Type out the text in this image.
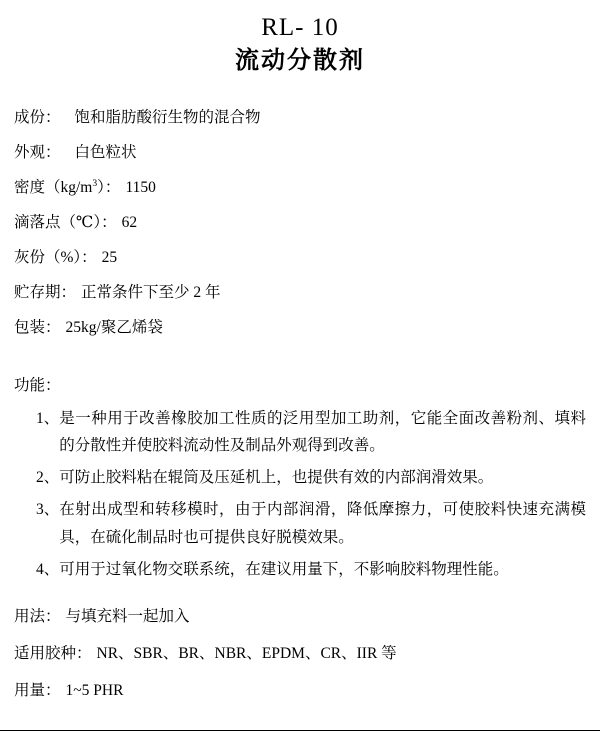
RL- 10
流动分散剂
成份： 饱和脂肪酸衍生物的混合物
外观： 白色粒状
密度$(kg/m^3)$： 1150
滴落点（℃）： 62
灰份（%）： 25
贮存期： 正常条件下至少 2 年
包装： 25kg/聚乙烯袋
功能：
1、 是一种用于改善橡胶加工性质的泛用型加工助剂，它能全面改善粉剂、填料的分散性并使胶料流动性及制品外观得到改善。
2、 可防止胶料粘在辊筒及压延机上，也提供有效的内部润滑效果。
3、 在射出成型和转移模时，由于内部润滑，降低摩擦力，可使胶料快速充满模具，在硫化制品时也可提供良好脱模效果。
4、 可用于过氧化物交联系统，在建议用量下，不影响胶料物理性能。
用法： 与填充料一起加入
适用胶种： NR、SBR、BR、NBR、EPDM、CR、IIR 等
用量： 1~5 PHR
